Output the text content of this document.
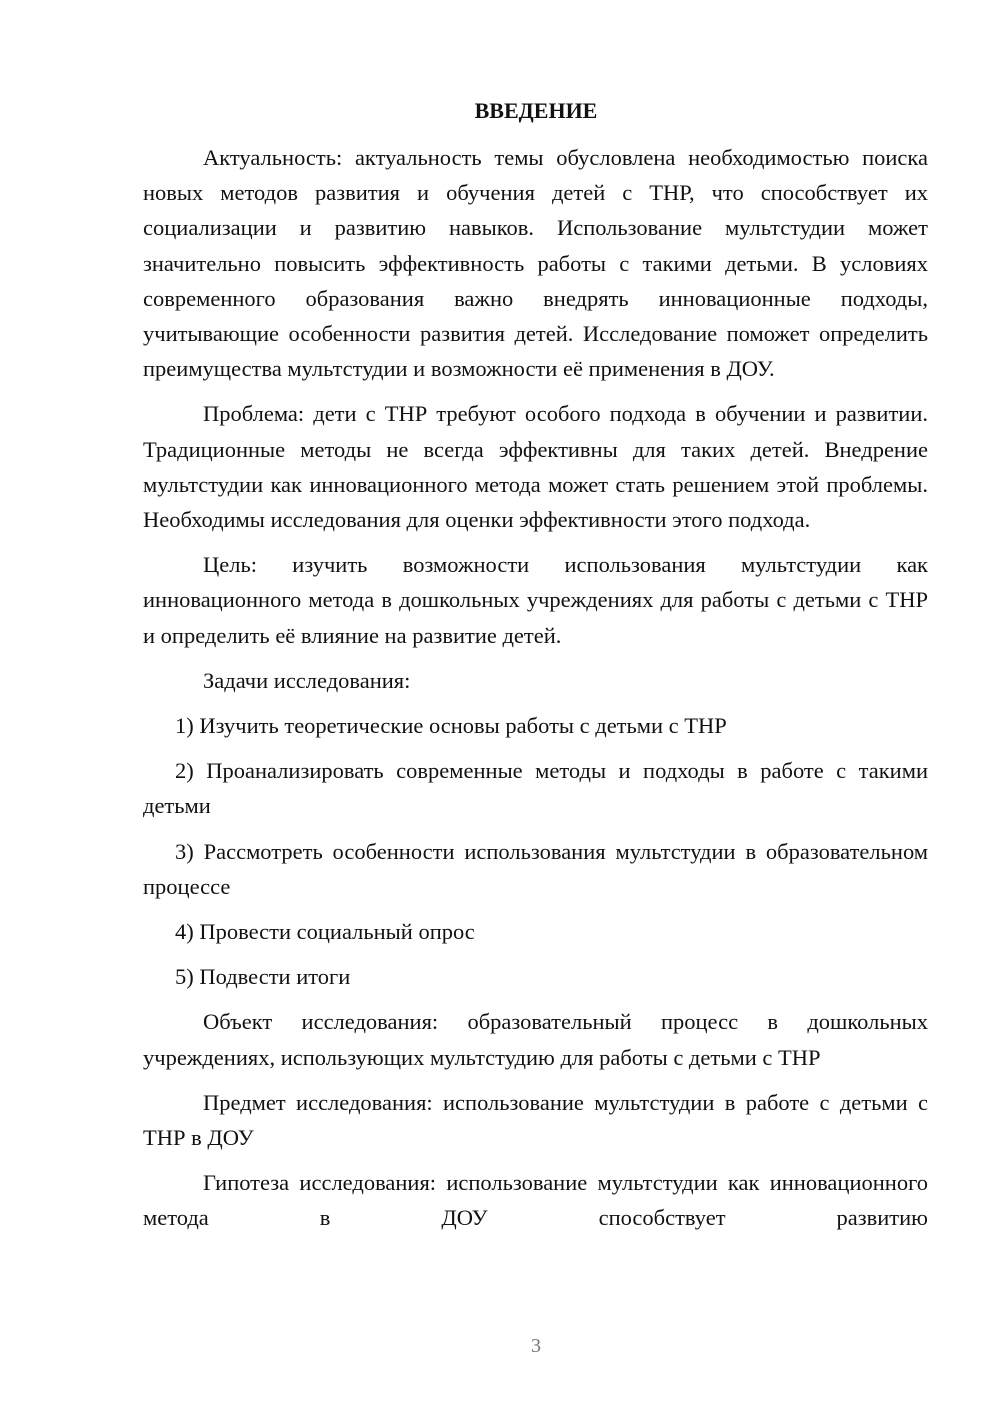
ВВЕДЕНИЕ

Актуальность: актуальность темы обусловлена необходимостью поиска новых методов развития и обучения детей с ТНР, что способствует их социализации и развитию навыков. Использование мультстудии может значительно повысить эффективность работы с такими детьми. В условиях современного образования важно внедрять инновационные подходы, учитывающие особенности развития детей. Исследование поможет определить преимущества мультстудии и возможности её применения в ДОУ.

Проблема: дети с ТНР требуют особого подхода в обучении и развитии. Традиционные методы не всегда эффективны для таких детей. Внедрение мультстудии как инновационного метода может стать решением этой проблемы. Необходимы исследования для оценки эффективности этого подхода.

Цель: изучить возможности использования мультстудии как инновационного метода в дошкольных учреждениях для работы с детьми с ТНР и определить её влияние на развитие детей.

Задачи исследования:

1) Изучить теоретические основы работы с детьми с ТНР

2) Проанализировать современные методы и подходы в работе с такими детьми

3) Рассмотреть особенности использования мультстудии в образовательном процессе

4) Провести социальный опрос

5) Подвести итоги

Объект исследования: образовательный процесс в дошкольных учреждениях, использующих мультстудию для работы с детьми с ТНР

Предмет исследования: использование мультстудии в работе с детьми с ТНР в ДОУ

Гипотеза исследования: использование мультстудии как инновационного метода в ДОУ способствует развитию

3
